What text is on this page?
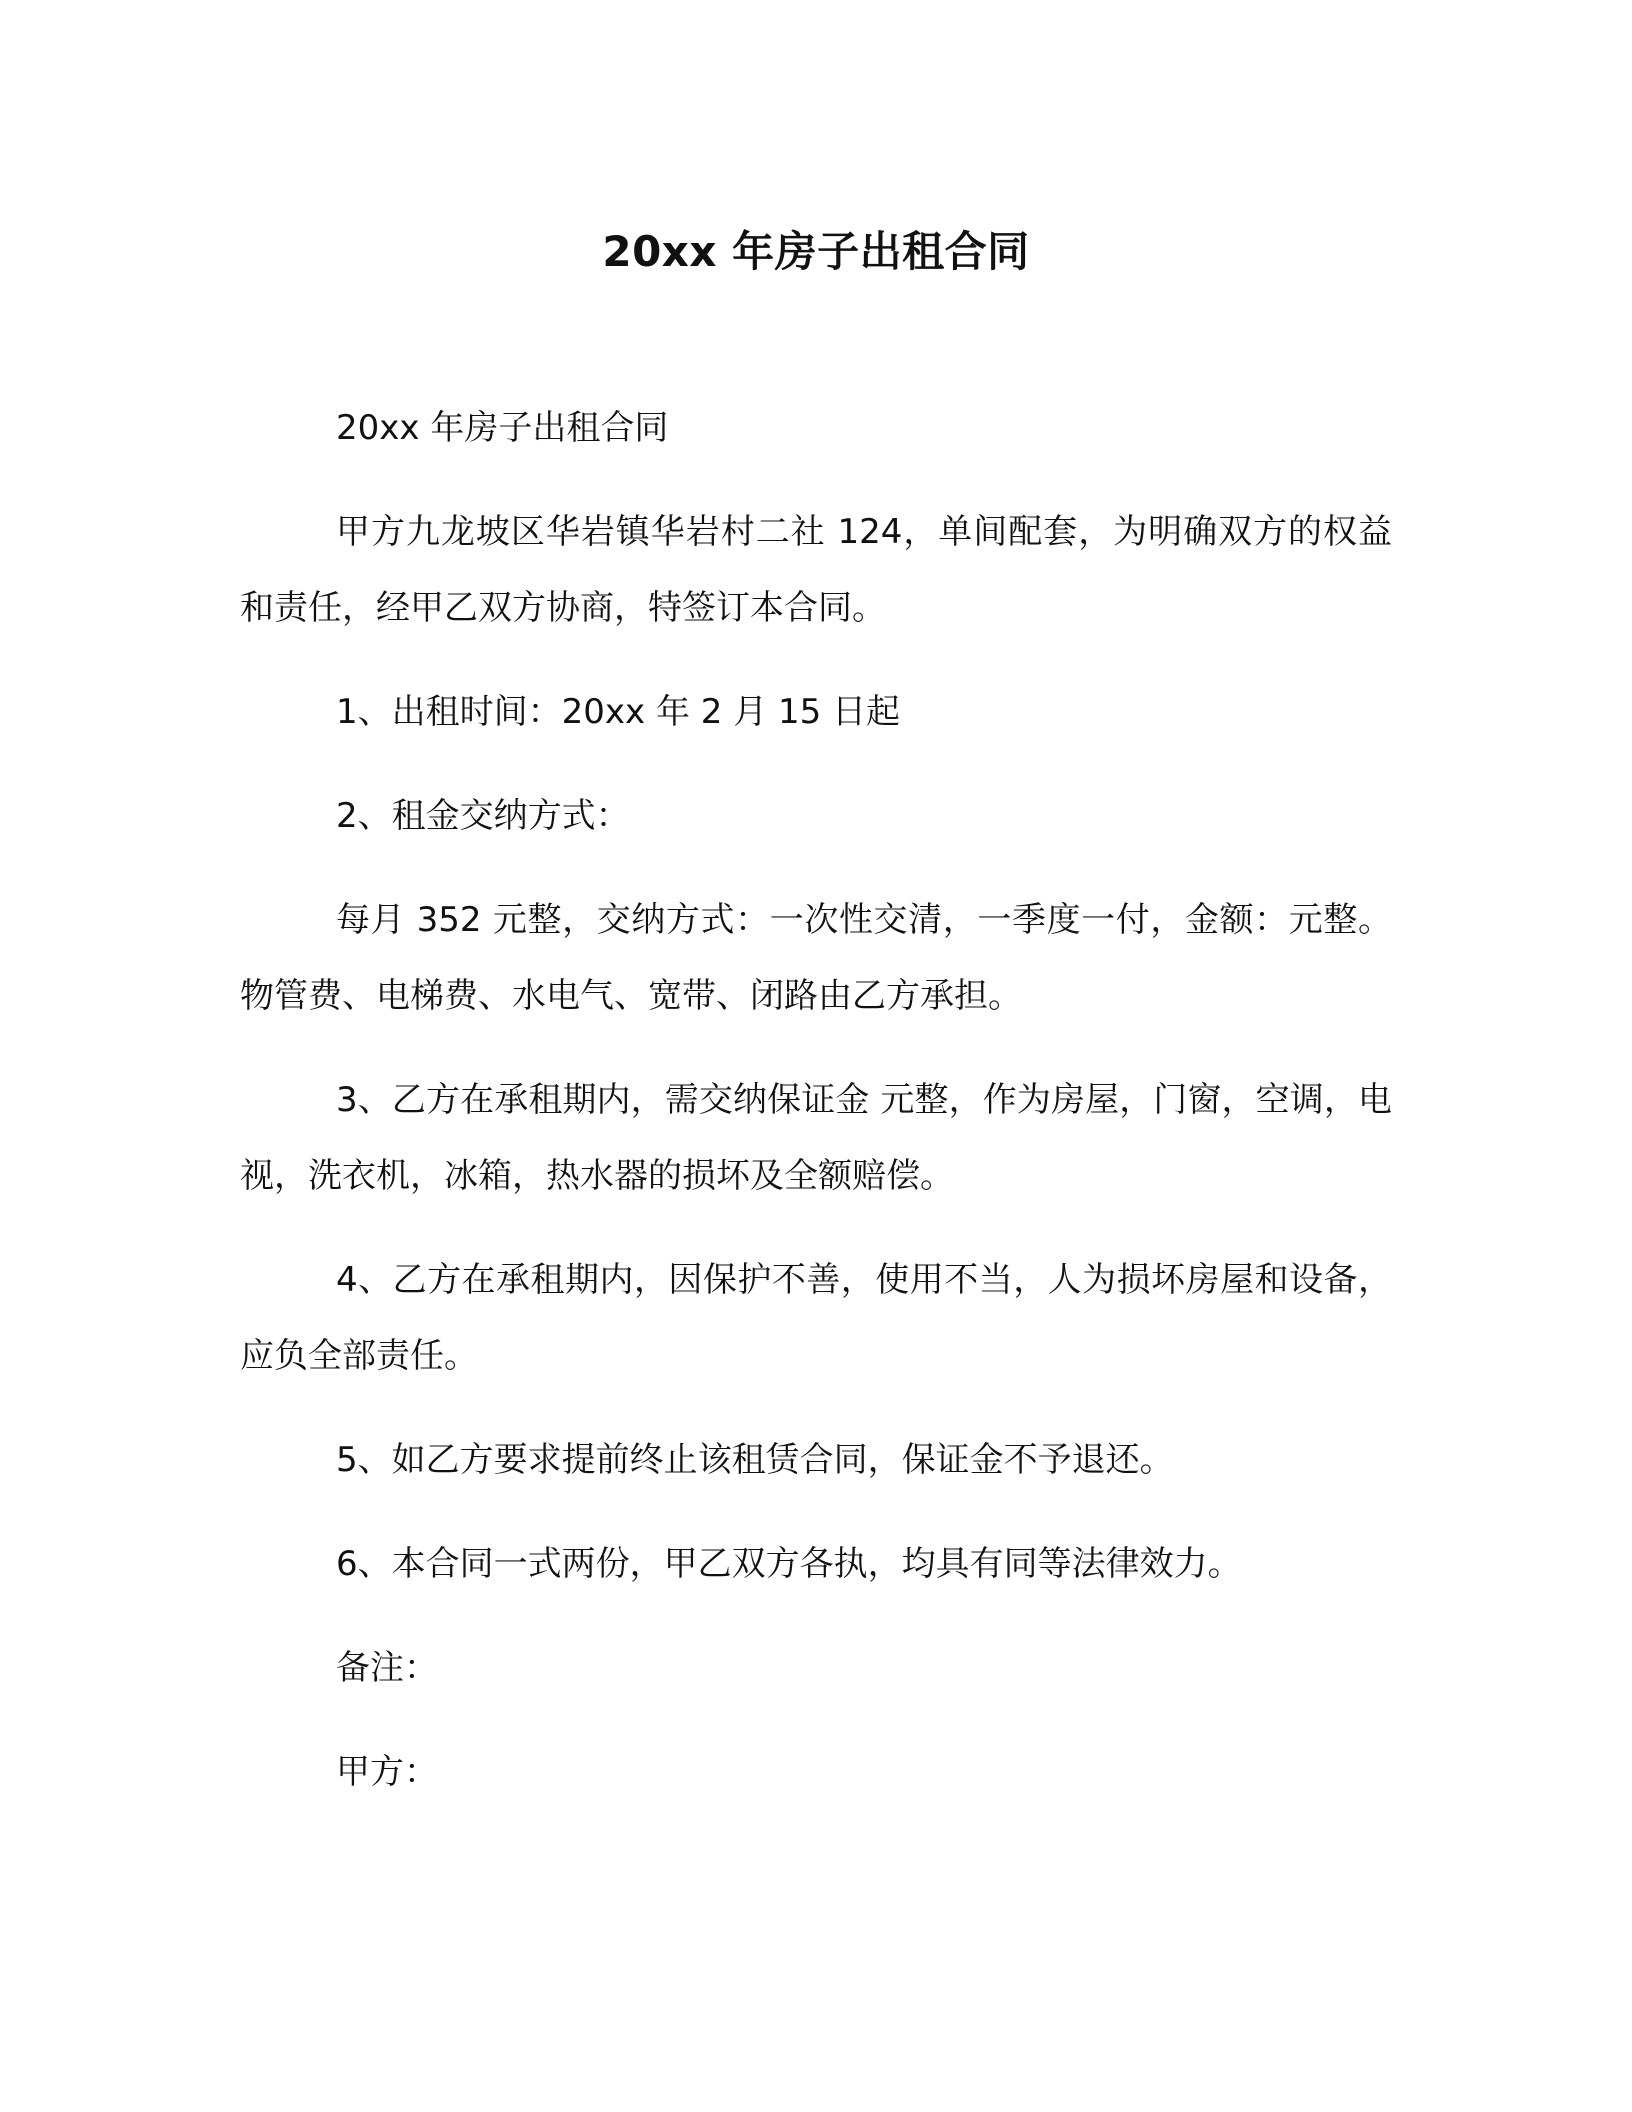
20xx 年房子出租合同

20xx 年房子出租合同

甲方九龙坡区华岩镇华岩村二社 124，单间配套，为明确双方的权益和责任，经甲乙双方协商，特签订本合同。

1、出租时间：20xx 年 2 月 15 日起

2、租金交纳方式：

每月 352 元整，交纳方式：一次性交清，一季度一付，金额：元整。物管费、电梯费、水电气、宽带、闭路由乙方承担。

3、乙方在承租期内，需交纳保证金 元整，作为房屋，门窗，空调，电视，洗衣机，冰箱，热水器的损坏及全额赔偿。

4、乙方在承租期内，因保护不善，使用不当，人为损坏房屋和设备，应负全部责任。

5、如乙方要求提前终止该租赁合同，保证金不予退还。

6、本合同一式两份，甲乙双方各执，均具有同等法律效力。

备注：

甲方：
